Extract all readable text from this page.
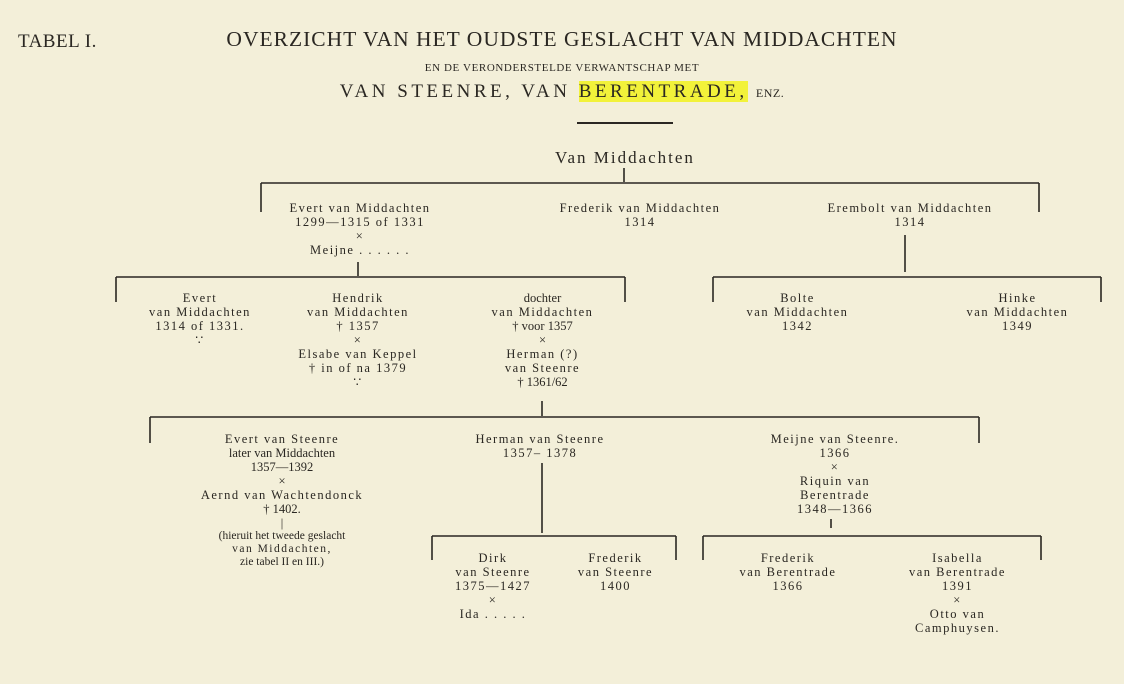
TABEL I.	OVERZICHT VAN HET OUDSTE GESLACHT VAN MIDDACHTEN
EN DE VERONDERSTELDE VERWANTSCHAP MET
VAN STEENRE, VAN BERENTRADE, ENZ.
Van Middachten
Evert van Middachten
1299—1315 of 1331
×
Meijne . . . . . .
Frederik van Middachten
1314
Erembolt van Middachten
1314
Evert
van Middachten
1314 of 1331.
∵
Hendrik
van Middachten
† 1357
×
Elsabe van Keppel
† in of na 1379
∵
dochter
van Middachten
† voor 1357
×
Herman (?)
van Steenre
† 1361/62
Bolte
van Middachten
1342
Hinke
van Middachten
1349
Evert van Steenre
later van Middachten
1357—1392
×
Aernd van Wachtendonck
† 1402.
|
(hieruit het tweede geslacht
van Middachten,
zie tabel II en III.)
Herman van Steenre
1357– 1378
Meijne van Steenre.
1366
×
Riquin van
Berentrade
1348—1366
Dirk
van Steenre
1375—1427
×
Ida . . . . .
Frederik
van Steenre
1400
Frederik
van Berentrade
1366
Isabella
van Berentrade
1391
×
Otto van
Camphuysen.
